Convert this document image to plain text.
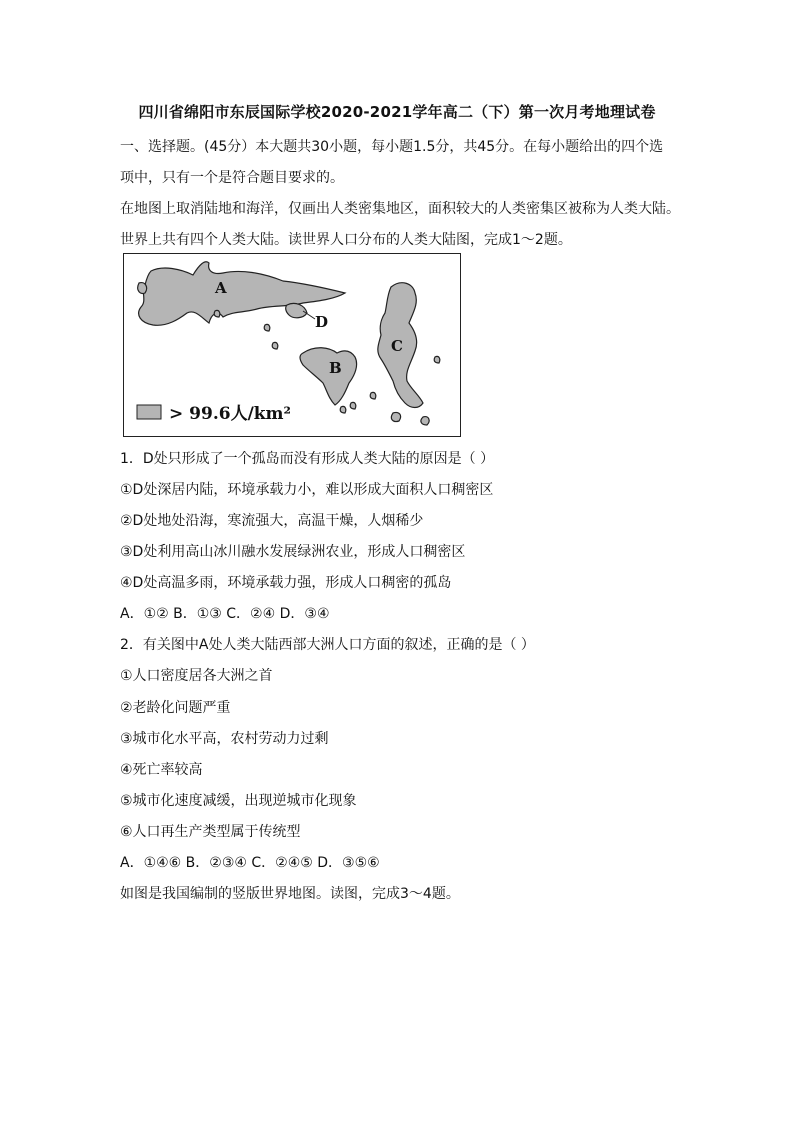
四川省绵阳市东辰国际学校2020-2021学年高二（下）第一次月考地理试卷
一、选择题。(45分）本大题共30小题，每小题1.5分，共45分。在每小题给出的四个选
项中，只有一个是符合题目要求的。
在地图上取消陆地和海洋，仅画出人类密集地区，面积较大的人类密集区被称为人类大陆。
世界上共有四个人类大陆。读世界人口分布的人类大陆图，完成1～2题。
A
D
B
C
> 99.6人/km²
1．D处只形成了一个孤岛而没有形成人类大陆的原因是（ ）
①D处深居内陆，环境承载力小，难以形成大面积人口稠密区
②D处地处沿海，寒流强大，高温干燥，人烟稀少
③D处利用高山冰川融水发展绿洲农业，形成人口稠密区
④D处高温多雨，环境承载力强，形成人口稠密的孤岛
A．①② B．①③ C．②④ D．③④
2．有关图中A处人类大陆西部大洲人口方面的叙述，正确的是（ ）
①人口密度居各大洲之首
②老龄化问题严重
③城市化水平高，农村劳动力过剩
④死亡率较高
⑤城市化速度减缓，出现逆城市化现象
⑥人口再生产类型属于传统型
A．①④⑥ B．②③④ C．②④⑤ D．③⑤⑥
如图是我国编制的竖版世界地图。读图，完成3～4题。
